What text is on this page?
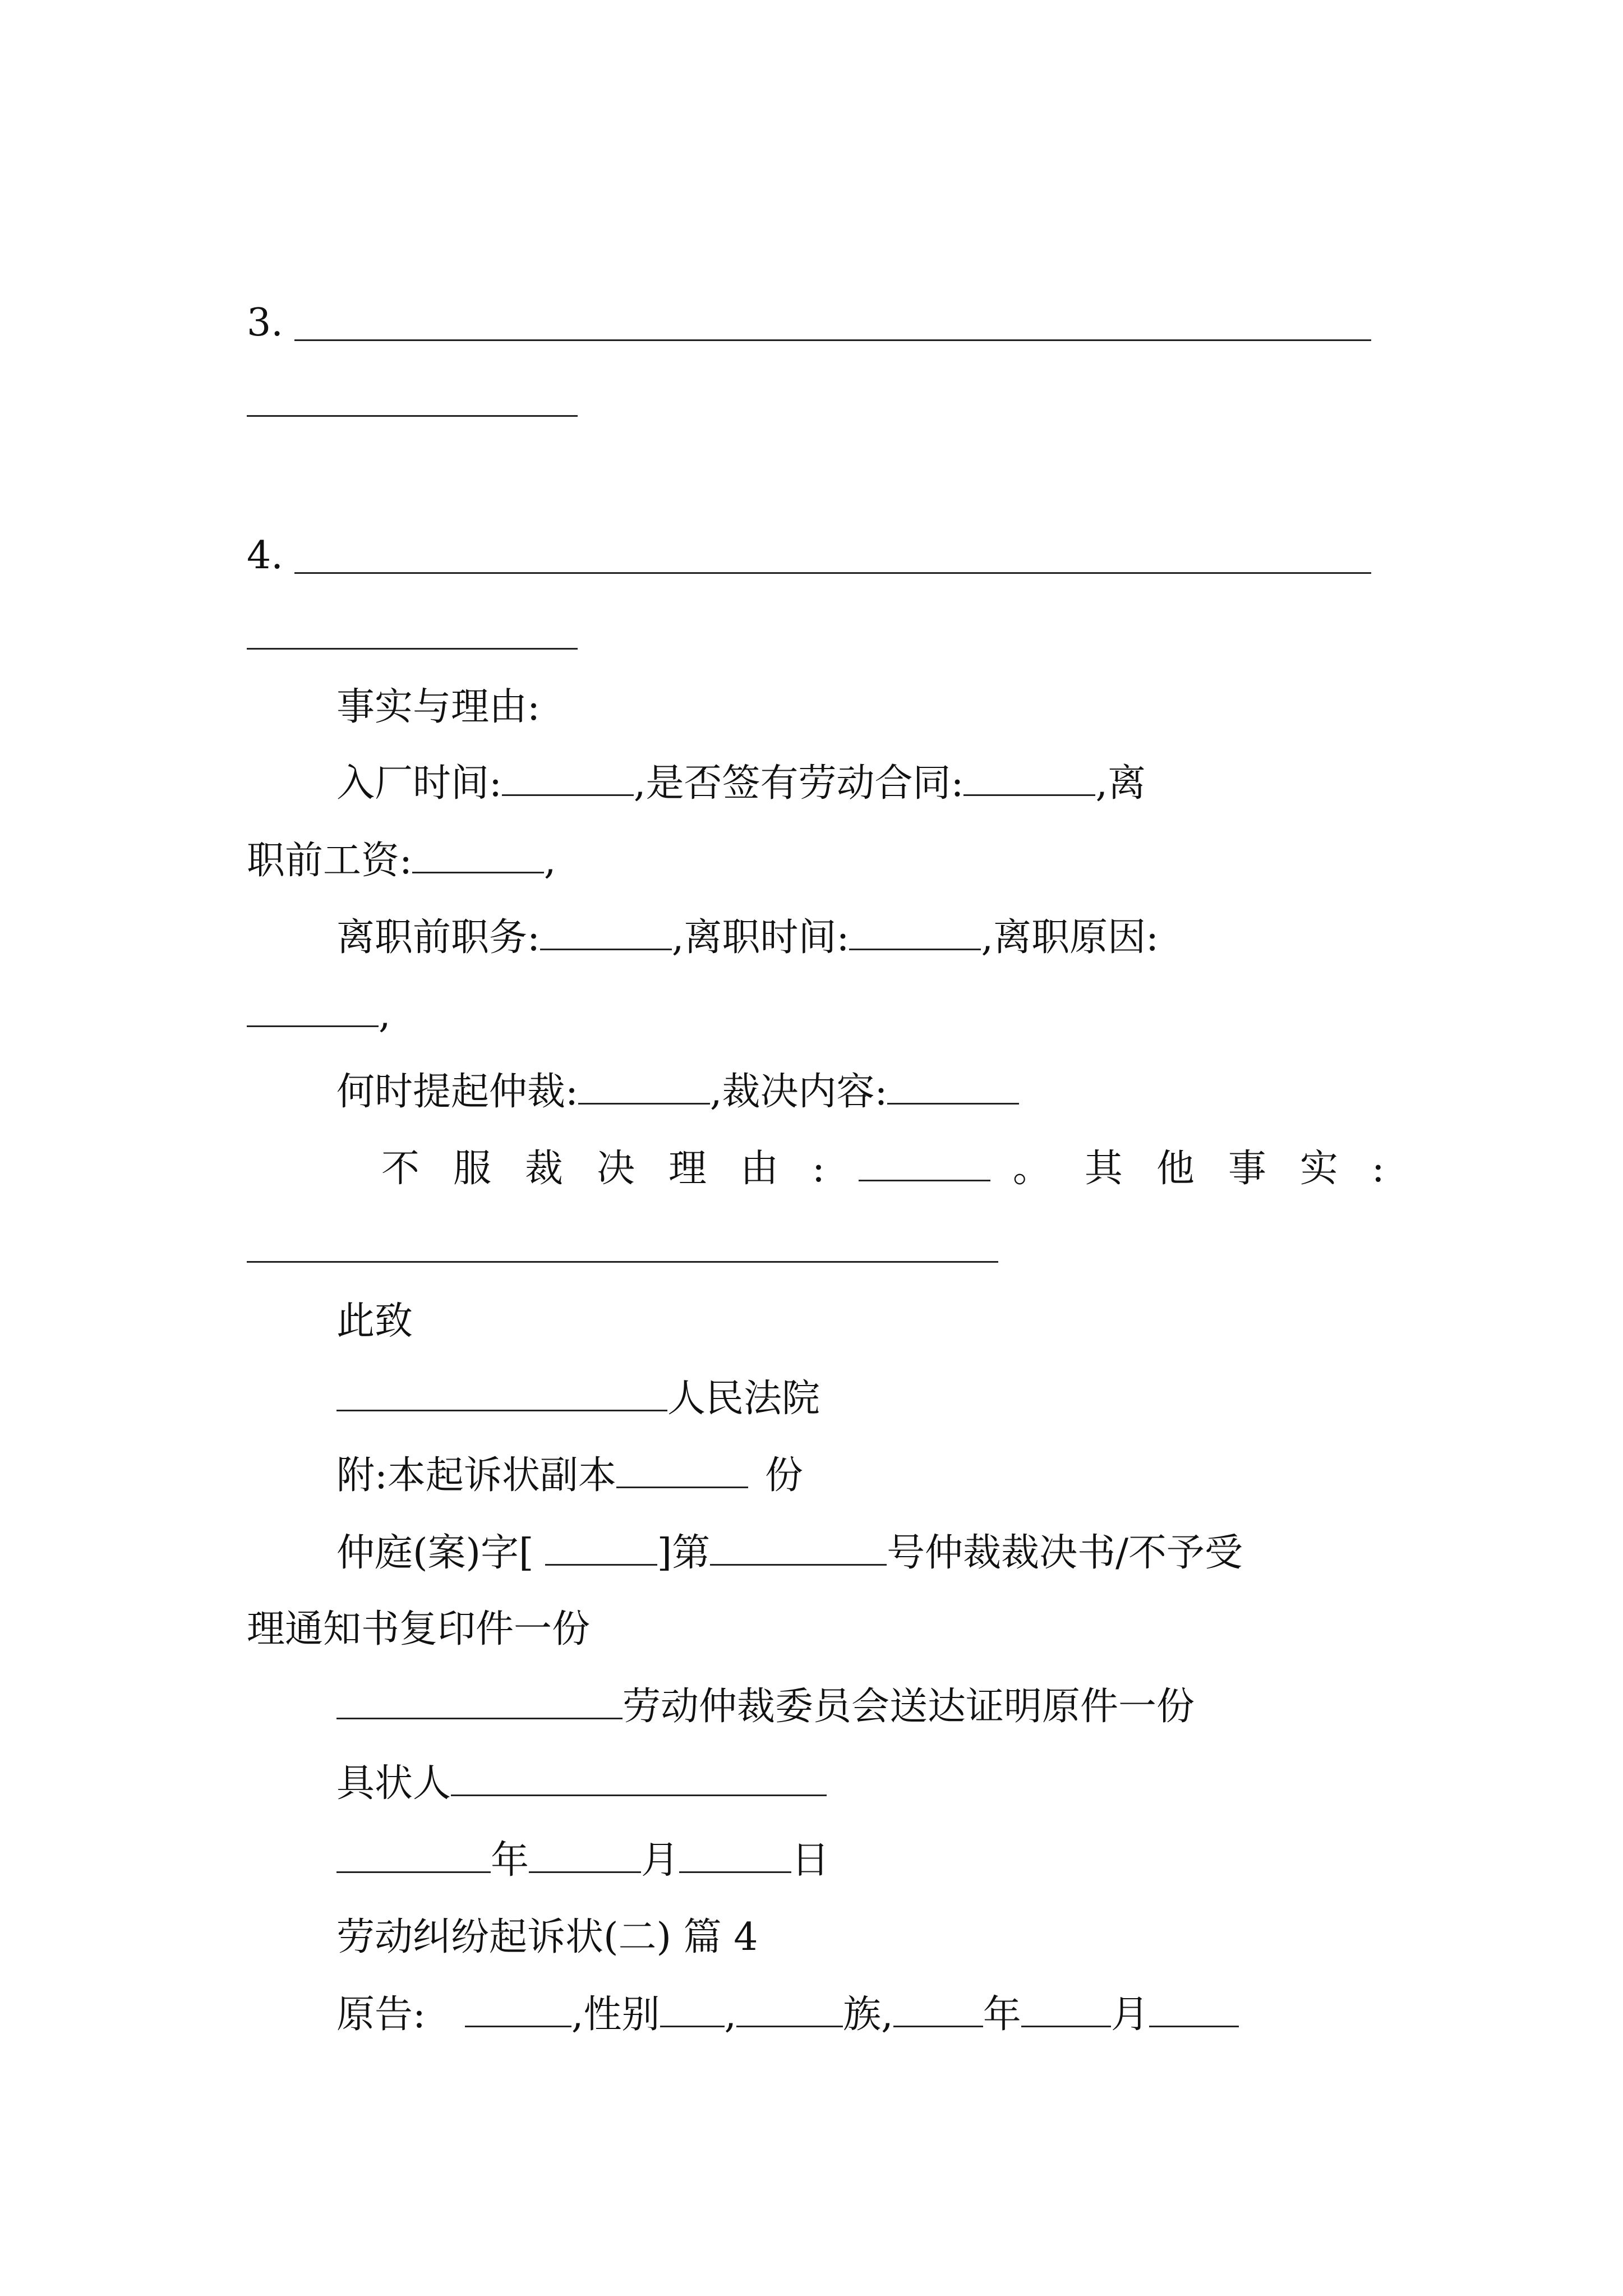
3.
4.
事实与理由:
入厂时间:	,是否签有劳动合同:	,离
职前工资:	,
离职前职务:	,离职时间:	,离职原因:
,
何时提起仲裁:	,裁决内容:
不服裁决理由:	。其他事实:
此致
人民法院
附:本起诉状副本	份
仲庭(案)字[	]第	号仲裁裁决书/不予受
理通知书复印件一份
劳动仲裁委员会送达证明原件一份
具状人
年	月	日
劳动纠纷起诉状(二) 篇 4
原告:	,性别 ,	族, 年 月
